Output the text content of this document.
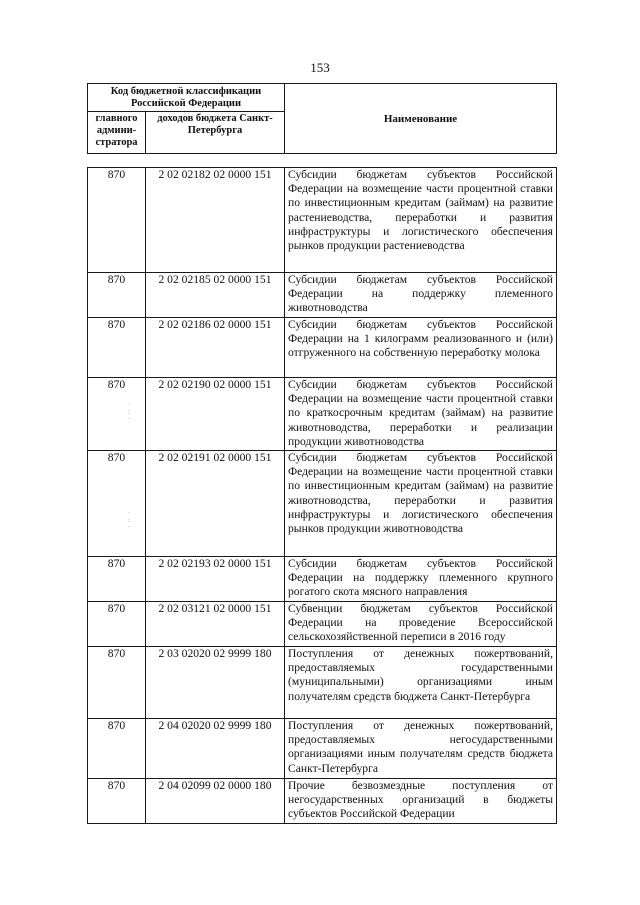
153
Код бюджетной классификации Российской Федерации		Наименование
главного админи-стратора	доходов бюджета Санкт-Петербурга	
870	2 02 02182 02 0000 151	Субсидии бюджетам субъектов Российской Федерации на возмещение части процентной ставки по инвестиционным кредитам (займам) на развитие растениеводства, переработки и развития инфраструктуры и логистического обеспечения рынков продукции растениеводства
870	2 02 02185 02 0000 151	Субсидии бюджетам субъектов Российской Федерации на поддержку племенного животноводства
870	2 02 02186 02 0000 151	Субсидии бюджетам субъектов Российской Федерации на 1 килограмм реализованного и (или) отгруженного на собственную переработку молока
870	2 02 02190 02 0000 151	Субсидии бюджетам субъектов Российской Федерации на возмещение части процентной ставки по краткосрочным кредитам (займам) на развитие животноводства, переработки и реализации продукции животноводства
870	2 02 02191 02 0000 151	Субсидии бюджетам субъектов Российской Федерации на возмещение части процентной ставки по инвестиционным кредитам (займам) на развитие животноводства, переработки и развития инфраструктуры и логистического обеспечения рынков продукции животноводства
870	2 02 02193 02 0000 151	Субсидии бюджетам субъектов Российской Федерации на поддержку племенного крупного рогатого скота мясного направления
870	2 02 03121 02 0000 151	Субвенции бюджетам субъектов Российской Федерации на проведение Всероссийской сельскохозяйственной переписи в 2016 году
870	2 03 02020 02 9999 180	Поступления от денежных пожертвований, предоставляемых государственными (муниципальными) организациями иным получателям средств бюджета Санкт-Петербурга
870	2 04 02020 02 9999 180	Поступления от денежных пожертвований, предоставляемых негосударственными организациями иным получателям средств бюджета Санкт-Петербурга
870	2 04 02099 02 0000 180	Прочие безвозмездные поступления от негосударственных организаций в бюджеты субъектов Российской Федерации
·
:
·
·
:
·
